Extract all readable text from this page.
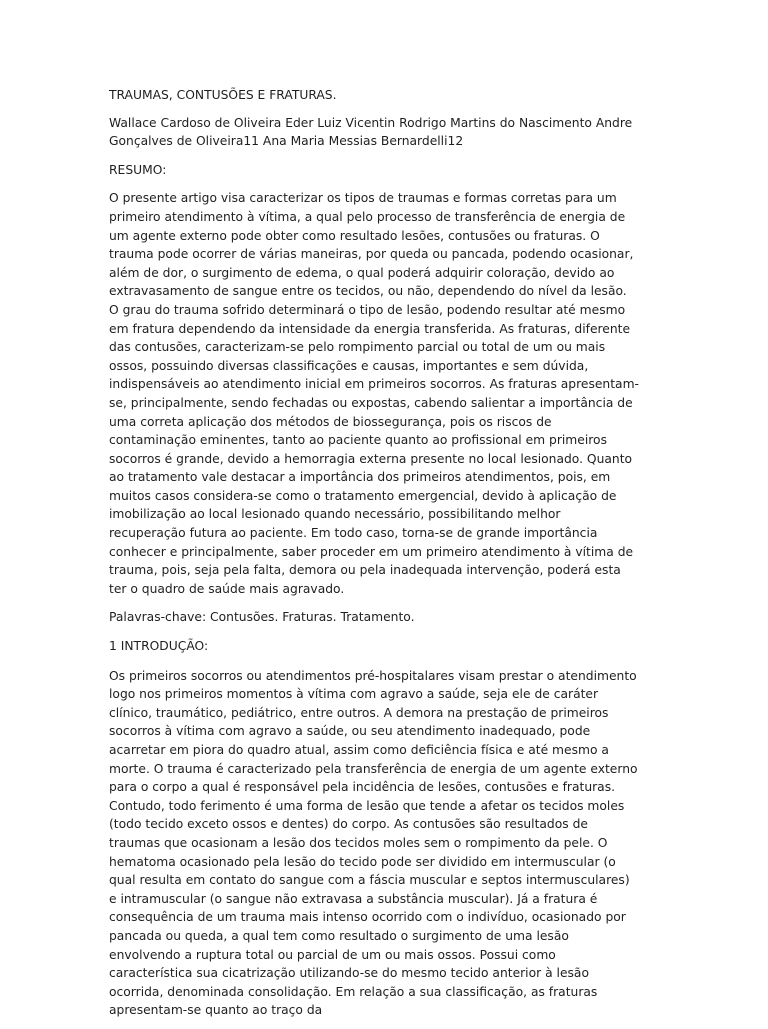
TRAUMAS, CONTUSÕES E FRATURAS.

Wallace Cardoso de Oliveira Eder Luiz Vicentin Rodrigo Martins do Nascimento Andre Gonçalves de Oliveira11 Ana Maria Messias Bernardelli12

RESUMO:

O presente artigo visa caracterizar os tipos de traumas e formas corretas para um primeiro atendimento à vítima, a qual pelo processo de transferência de energia de um agente externo pode obter como resultado lesões, contusões ou fraturas. O trauma pode ocorrer de várias maneiras, por queda ou pancada, podendo ocasionar, além de dor, o surgimento de edema, o qual poderá adquirir coloração, devido ao extravasamento de sangue entre os tecidos, ou não, dependendo do nível da lesão. O grau do trauma sofrido determinará o tipo de lesão, podendo resultar até mesmo em fratura dependendo da intensidade da energia transferida. As fraturas, diferente das contusões, caracterizam-se pelo rompimento parcial ou total de um ou mais ossos, possuindo diversas classificações e causas, importantes e sem dúvida, indispensáveis ao atendimento inicial em primeiros socorros. As fraturas apresentam-se, principalmente, sendo fechadas ou expostas, cabendo salientar a importância de uma correta aplicação dos métodos de biossegurança, pois os riscos de contaminação eminentes, tanto ao paciente quanto ao profissional em primeiros socorros é grande, devido a hemorragia externa presente no local lesionado. Quanto ao tratamento vale destacar a importância dos primeiros atendimentos, pois, em muitos casos considera-se como o tratamento emergencial, devido à aplicação de imobilização ao local lesionado quando necessário, possibilitando melhor recuperação futura ao paciente. Em todo caso, torna-se de grande importância conhecer e principalmente, saber proceder em um primeiro atendimento à vítima de trauma, pois, seja pela falta, demora ou pela inadequada intervenção, poderá esta ter o quadro de saúde mais agravado.

Palavras-chave: Contusões. Fraturas. Tratamento.

1 INTRODUÇÃO:

Os primeiros socorros ou atendimentos pré-hospitalares visam prestar o atendimento logo nos primeiros momentos à vítima com agravo a saúde, seja ele de caráter clínico, traumático, pediátrico, entre outros. A demora na prestação de primeiros socorros à vítima com agravo a saúde, ou seu atendimento inadequado, pode acarretar em piora do quadro atual, assim como deficiência física e até mesmo a morte. O trauma é caracterizado pela transferência de energia de um agente externo para o corpo a qual é responsável pela incidência de lesões, contusões e fraturas. Contudo, todo ferimento é uma forma de lesão que tende a afetar os tecidos moles (todo tecido exceto ossos e dentes) do corpo. As contusões são resultados de traumas que ocasionam a lesão dos tecidos moles sem o rompimento da pele. O hematoma ocasionado pela lesão do tecido pode ser dividido em intermuscular (o qual resulta em contato do sangue com a fáscia muscular e septos intermusculares) e intramuscular (o sangue não extravasa a substância muscular). Já a fratura é consequência de um trauma mais intenso ocorrido com o indivíduo, ocasionado por pancada ou queda, a qual tem como resultado o surgimento de uma lesão envolvendo a ruptura total ou parcial de um ou mais ossos. Possui como característica sua cicatrização utilizando-se do mesmo tecido anterior à lesão ocorrida, denominada consolidação. Em relação a sua classificação, as fraturas apresentam-se quanto ao traço da
